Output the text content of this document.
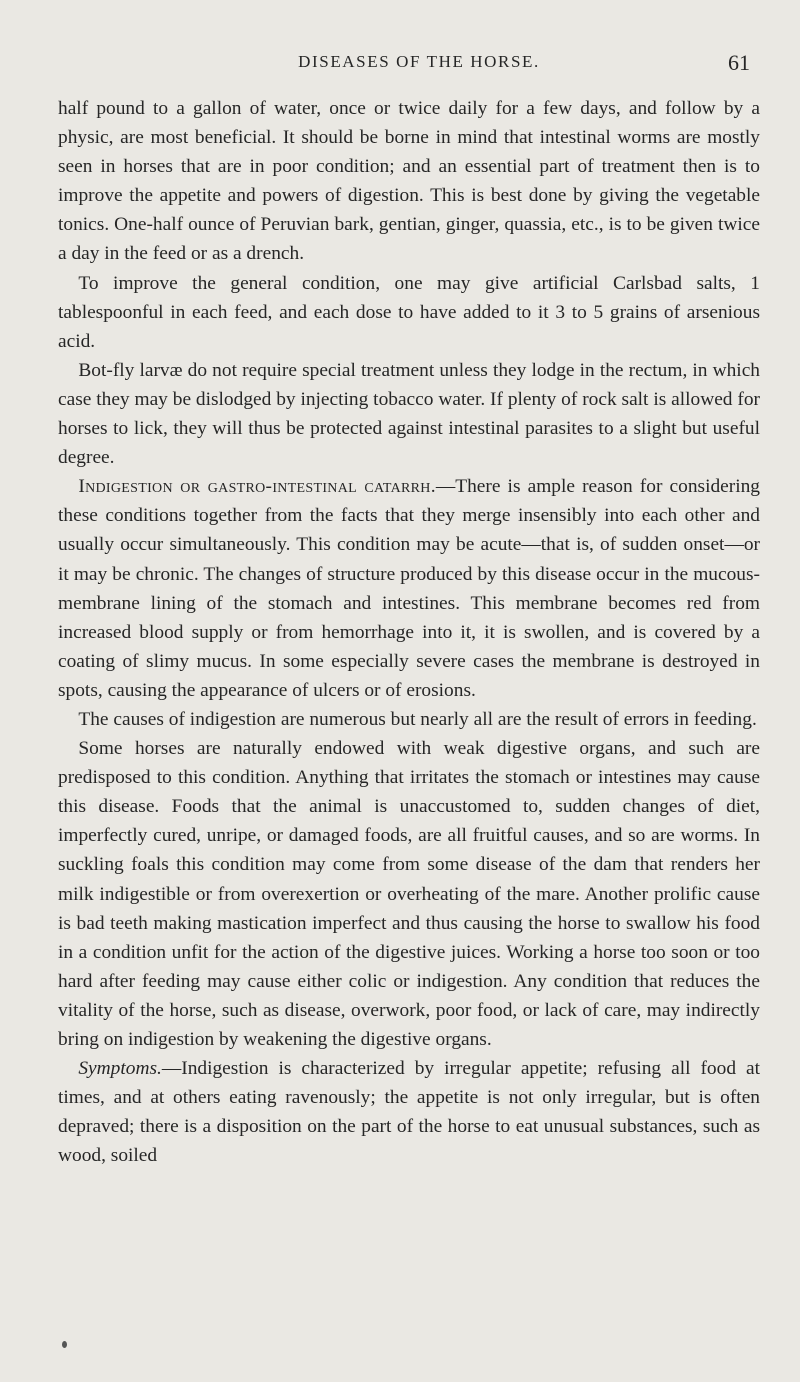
DISEASES OF THE HORSE.	61

half pound to a gallon of water, once or twice daily for a few days, and follow by a physic, are most beneficial. It should be borne in mind that intestinal worms are mostly seen in horses that are in poor condition; and an essential part of treatment then is to improve the appetite and powers of digestion. This is best done by giving the vegetable tonics. One-half ounce of Peruvian bark, gentian, ginger, quassia, etc., is to be given twice a day in the feed or as a drench.

To improve the general condition, one may give artificial Carlsbad salts, 1 tablespoonful in each feed, and each dose to have added to it 3 to 5 grains of arsenious acid.

Bot-fly larvæ do not require special treatment unless they lodge in the rectum, in which case they may be dislodged by injecting tobacco water. If plenty of rock salt is allowed for horses to lick, they will thus be protected against intestinal parasites to a slight but useful degree.

Indigestion or gastro-intestinal catarrh.—There is ample reason for considering these conditions together from the facts that they merge insensibly into each other and usually occur simultaneously. This condition may be acute—that is, of sudden onset—or it may be chronic. The changes of structure produced by this disease occur in the mucous-membrane lining of the stomach and intestines. This membrane becomes red from increased blood supply or from hemorrhage into it, it is swollen, and is covered by a coating of slimy mucus. In some especially severe cases the membrane is destroyed in spots, causing the appearance of ulcers or of erosions.

The causes of indigestion are numerous but nearly all are the result of errors in feeding.

Some horses are naturally endowed with weak digestive organs, and such are predisposed to this condition. Anything that irritates the stomach or intestines may cause this disease. Foods that the animal is unaccustomed to, sudden changes of diet, imperfectly cured, unripe, or damaged foods, are all fruitful causes, and so are worms. In suckling foals this condition may come from some disease of the dam that renders her milk indigestible or from overexertion or overheating of the mare. Another prolific cause is bad teeth making mastication imperfect and thus causing the horse to swallow his food in a condition unfit for the action of the digestive juices. Working a horse too soon or too hard after feeding may cause either colic or indigestion. Any condition that reduces the vitality of the horse, such as disease, overwork, poor food, or lack of care, may indirectly bring on indigestion by weakening the digestive organs.

Symptoms.—Indigestion is characterized by irregular appetite; refusing all food at times, and at others eating ravenously; the appetite is not only irregular, but is often depraved; there is a disposition on the part of the horse to eat unusual substances, such as wood, soiled
